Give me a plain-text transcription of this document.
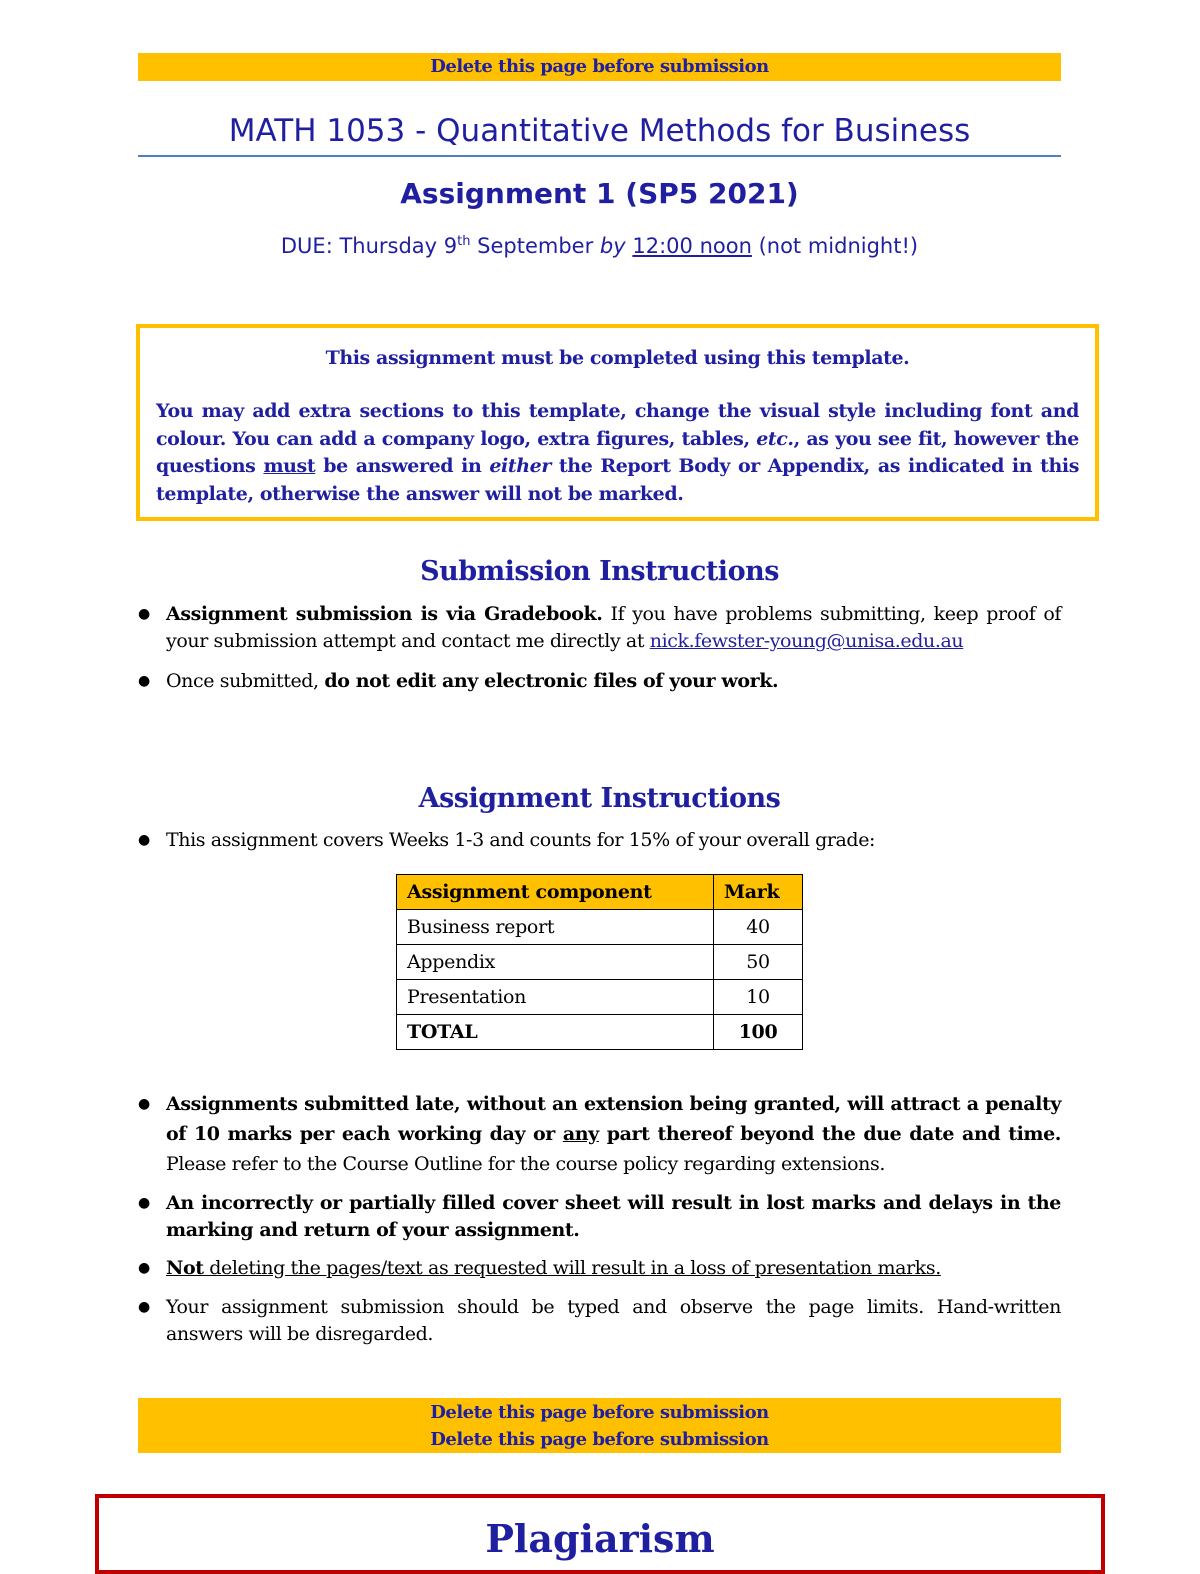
Delete this page before submission
MATH 1053 - Quantitative Methods for Business
Assignment 1 (SP5 2021)
DUE: Thursday 9th September by 12:00 noon (not midnight!)
This assignment must be completed using this template.
You may add extra sections to this template, change the visual style including font and colour. You can add a company logo, extra figures, tables, etc., as you see fit, however the questions must be answered in either the Report Body or Appendix, as indicated in this template, otherwise the answer will not be marked.
Submission Instructions
● Assignment submission is via Gradebook. If you have problems submitting, keep proof of your submission attempt and contact me directly at nick.fewster-young@unisa.edu.au
● Once submitted, do not edit any electronic files of your work.
Assignment Instructions
● This assignment covers Weeks 1-3 and counts for 15% of your overall grade:
Assignment component	Mark
Business report	40
Appendix	50
Presentation	10
TOTAL	100
● Assignments submitted late, without an extension being granted, will attract a penalty of 10 marks per each working day or any part thereof beyond the due date and time. Please refer to the Course Outline for the course policy regarding extensions.
● An incorrectly or partially filled cover sheet will result in lost marks and delays in the marking and return of your assignment.
● Not deleting the pages/text as requested will result in a loss of presentation marks.
● Your assignment submission should be typed and observe the page limits. Hand-written answers will be disregarded.
Delete this page before submission
Delete this page before submission
Plagiarism
